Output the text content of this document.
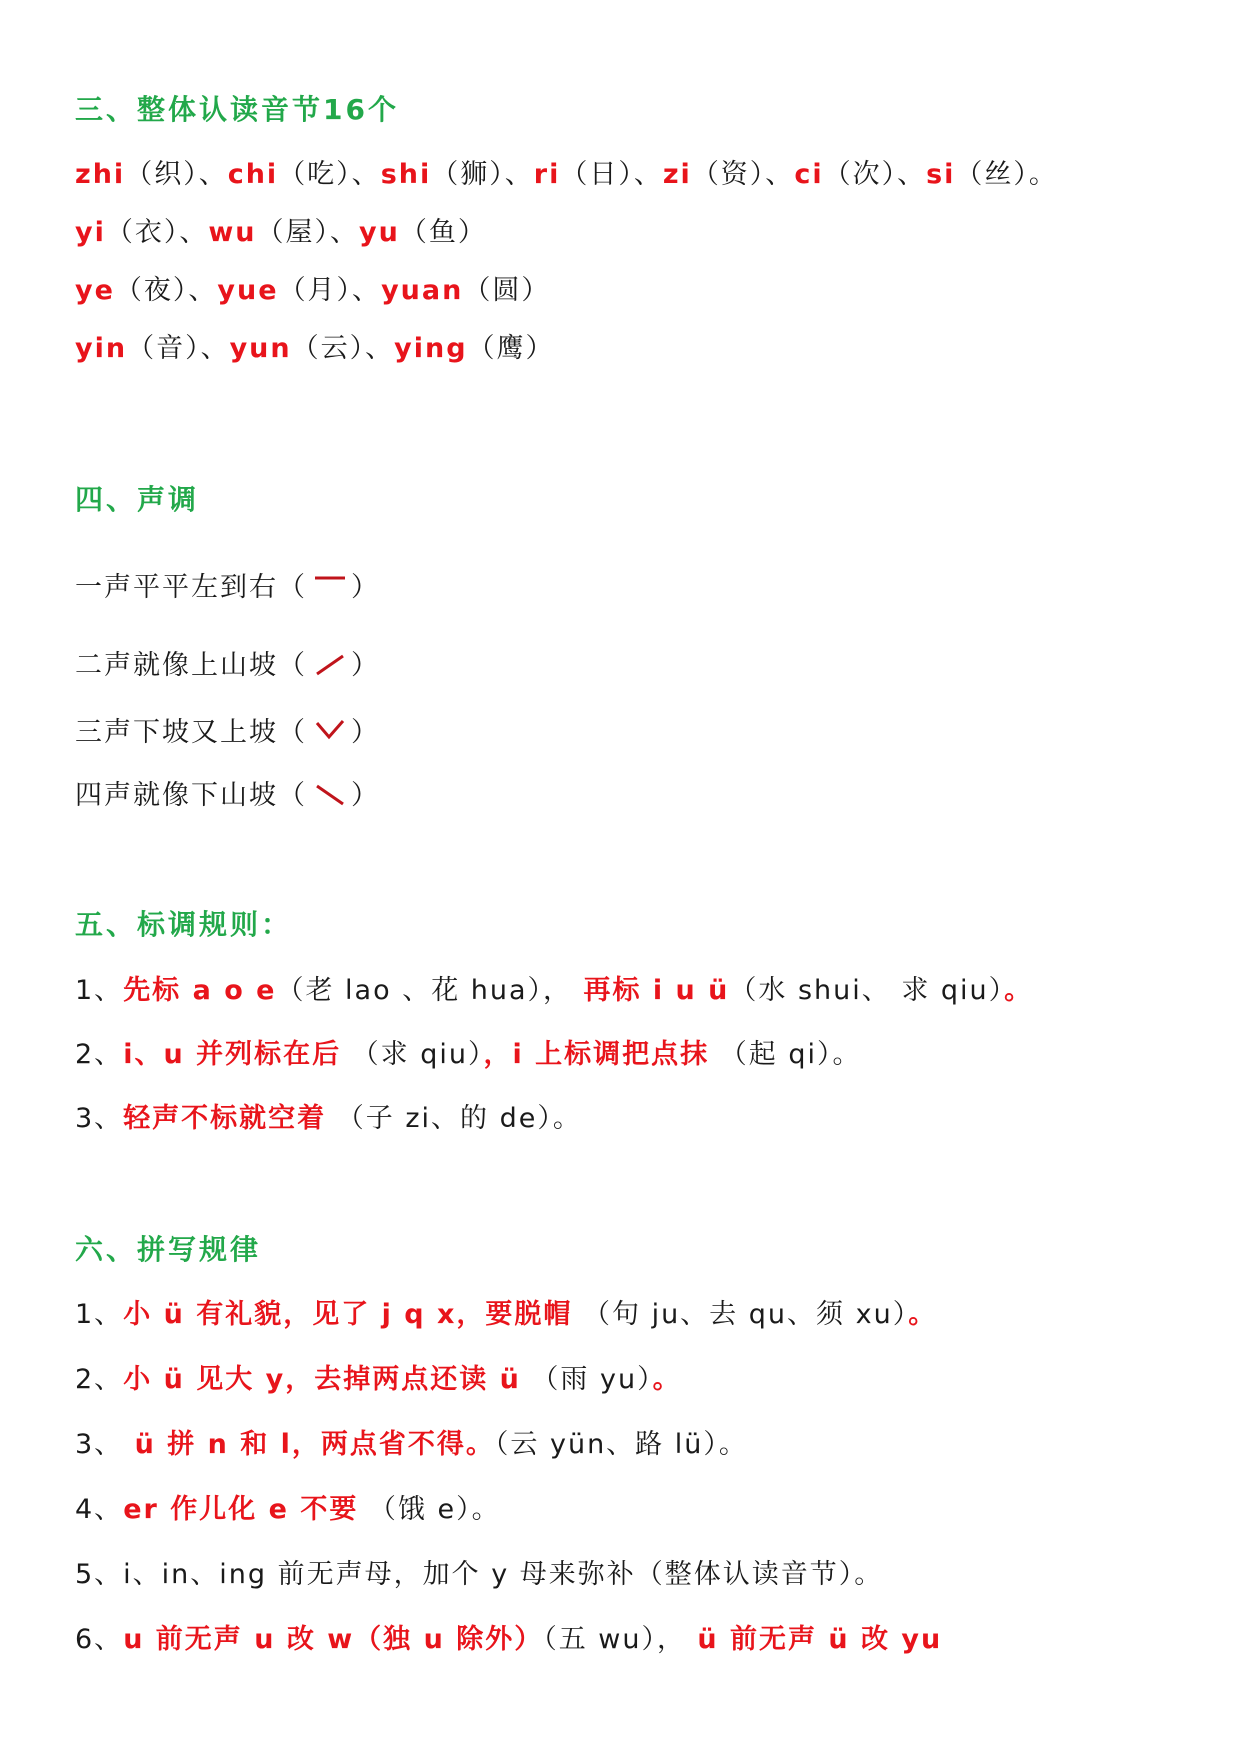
三、整体认读音节16个
zhi（织）、chi（吃）、shi（狮）、ri（日）、zi（资）、ci（次）、si（丝）。
yi（衣）、wu（屋）、yu（鱼）
ye（夜）、yue（月）、yuan（圆）
yin（音）、yun（云）、ying（鹰）
四、声调
一声平平左到右（ ）
二声就像上山坡（ ）
三声下坡又上坡（ ）
四声就像下山坡（ ）
五、标调规则：
1、先标 a o e（老 lao 、花 hua）， 再标 i u ü（水 shui、 求 qiu）。
2、i、u 并列标在后 （求 qiu），i 上标调把点抹 （起 qi）。
3、轻声不标就空着 （子 zi、的 de）。
六、拼写规律
1、小 ü 有礼貌，见了 j q x，要脱帽 （句 ju、去 qu、须 xu）。
2、小 ü 见大 y，去掉两点还读 ü （雨 yu）。
3、 ü 拼 n 和 l，两点省不得。（云 yün、路 lü）。
4、er 作儿化 e 不要 （饿 e）。
5、i、in、ing 前无声母，加个 y 母来弥补（整体认读音节）。
6、u 前无声 u 改 w（独 u 除外）（五 wu）， ü 前无声 ü 改 yu
